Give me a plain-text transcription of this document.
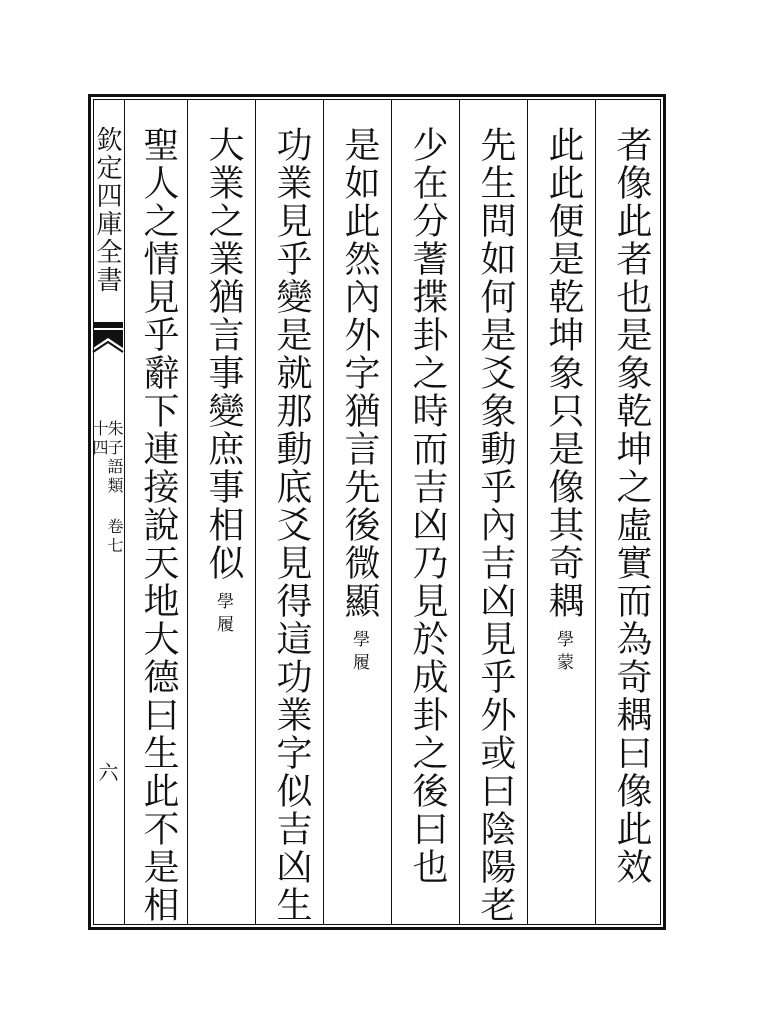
欽定四庫全書
朱子語類 卷七十四
六	者像此者也是象乾坤之虛實而為奇耦曰像此效
此此便是乾坤象只是像其奇耦學蒙
先生問如何是爻象動乎內吉凶見乎外或曰陰陽老
少在分蓍揲卦之時而吉凶乃見於成卦之後曰也
是如此然內外字猶言先後微顯學履
功業見乎變是就那動底爻見得這功業字似吉凶生
大業之業猶言事變庶事相似學履
聖人之情見乎辭下連接說天地大德曰生此不是相
